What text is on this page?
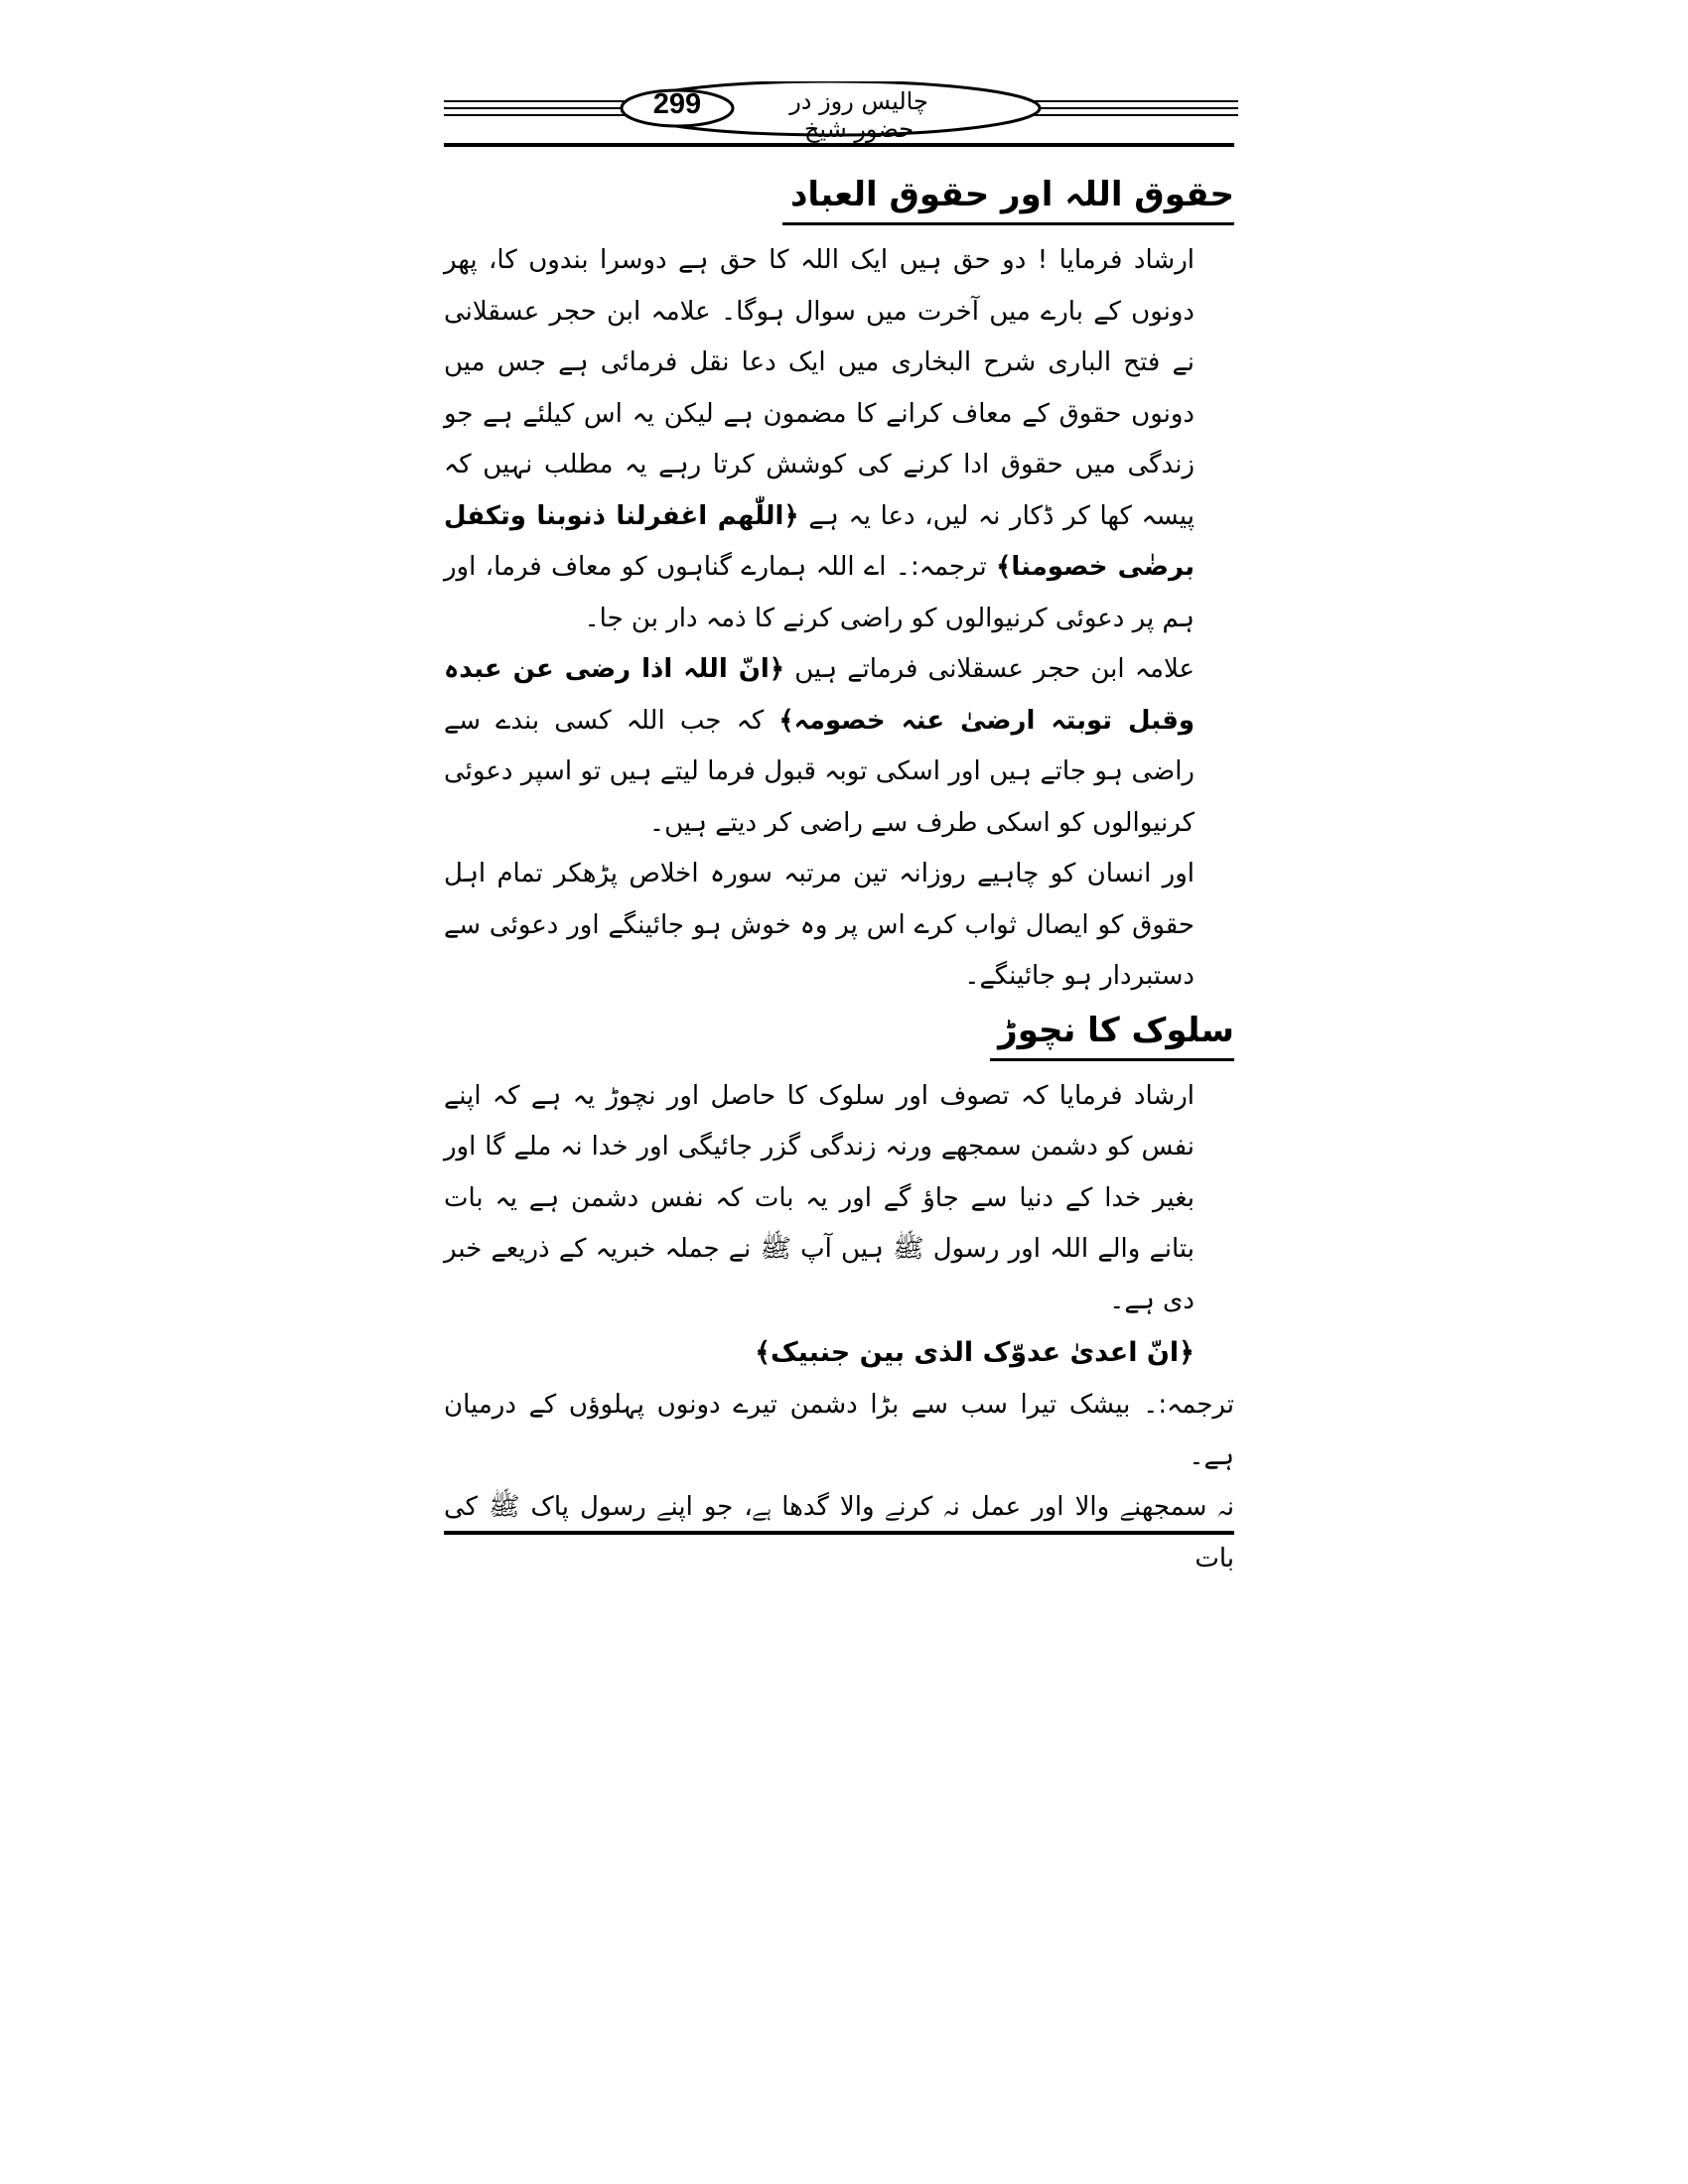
299	چالیس روز در حضور شیخ
حقوق اللہ اور حقوق العباد

ارشاد فرمایا ! دو حق ہیں ایک اللہ کا حق ہے دوسرا بندوں کا، پھر دونوں کے بارے میں آخرت میں سوال ہوگا۔ علامہ ابن حجر عسقلانی نے فتح الباری شرح البخاری میں ایک دعا نقل فرمائی ہے جس میں دونوں حقوق کے معاف کرانے کا مضمون ہے لیکن یہ اس کیلئے ہے جو زندگی میں حقوق ادا کرنے کی کوشش کرتا رہے یہ مطلب نہیں کہ پیسہ کھا کر ڈکار نہ لیں، دعا یہ ہے ﴿اللّٰھم اغفرلنا ذنوبنا وتکفل برضٰی خصومنا﴾ ترجمہ:۔ اے اللہ ہمارے گناہوں کو معاف فرما، اور ہم پر دعوئی کرنیوالوں کو راضی کرنے کا ذمہ دار بن جا۔

علامہ ابن حجر عسقلانی فرماتے ہیں ﴿انّ اللہ اذا رضی عن عبدہ وقبل توبتہ ارضیٰ عنہ خصومہ﴾ کہ جب اللہ کسی بندے سے راضی ہو جاتے ہیں اور اسکی توبہ قبول فرما لیتے ہیں تو اسپر دعوئی کرنیوالوں کو اسکی طرف سے راضی کر دیتے ہیں۔

اور انسان کو چاہیے روزانہ تین مرتبہ سورہ اخلاص پڑھکر تمام اہل حقوق کو ایصال ثواب کرے اس پر وہ خوش ہو جائینگے اور دعوئی سے دستبردار ہو جائینگے۔

سلوک کا نچوڑ

ارشاد فرمایا کہ تصوف اور سلوک کا حاصل اور نچوڑ یہ ہے کہ اپنے نفس کو دشمن سمجھے ورنہ زندگی گزر جائیگی اور خدا نہ ملے گا اور بغیر خدا کے دنیا سے جاؤ گے اور یہ بات کہ نفس دشمن ہے یہ بات بتانے والے اللہ اور رسول ﷺ ہیں آپ ﷺ نے جملہ خبریہ کے ذریعے خبر دی ہے۔

﴿انّ اعدیٰ عدوّک الذی بین جنبیک﴾

ترجمہ:۔ بیشک تیرا سب سے بڑا دشمن تیرے دونوں پہلوؤں کے درمیان ہے۔

نہ سمجھنے والا اور عمل نہ کرنے والا گدھا ہے، جو اپنے رسول پاک ﷺ کی بات
